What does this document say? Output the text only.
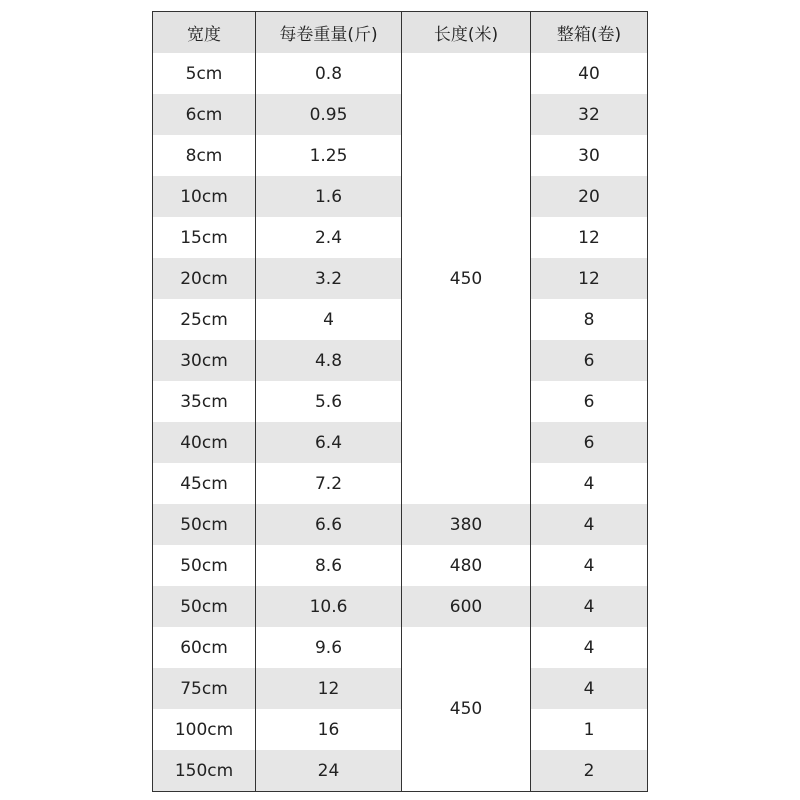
宽度	每卷重量(斤)	长度(米)	整箱(卷)
5cm	0.8	450	40
6cm	0.95		32
8cm	1.25		30
10cm	1.6		20
15cm	2.4		12
20cm	3.2		12
25cm	4		8
30cm	4.8		6
35cm	5.6		6
40cm	6.4		6
45cm	7.2		4
50cm	6.6	380	4
50cm	8.6	480	4
50cm	10.6	600	4
60cm	9.6	450	4
75cm	12		4
100cm	16		1
150cm	24		2
